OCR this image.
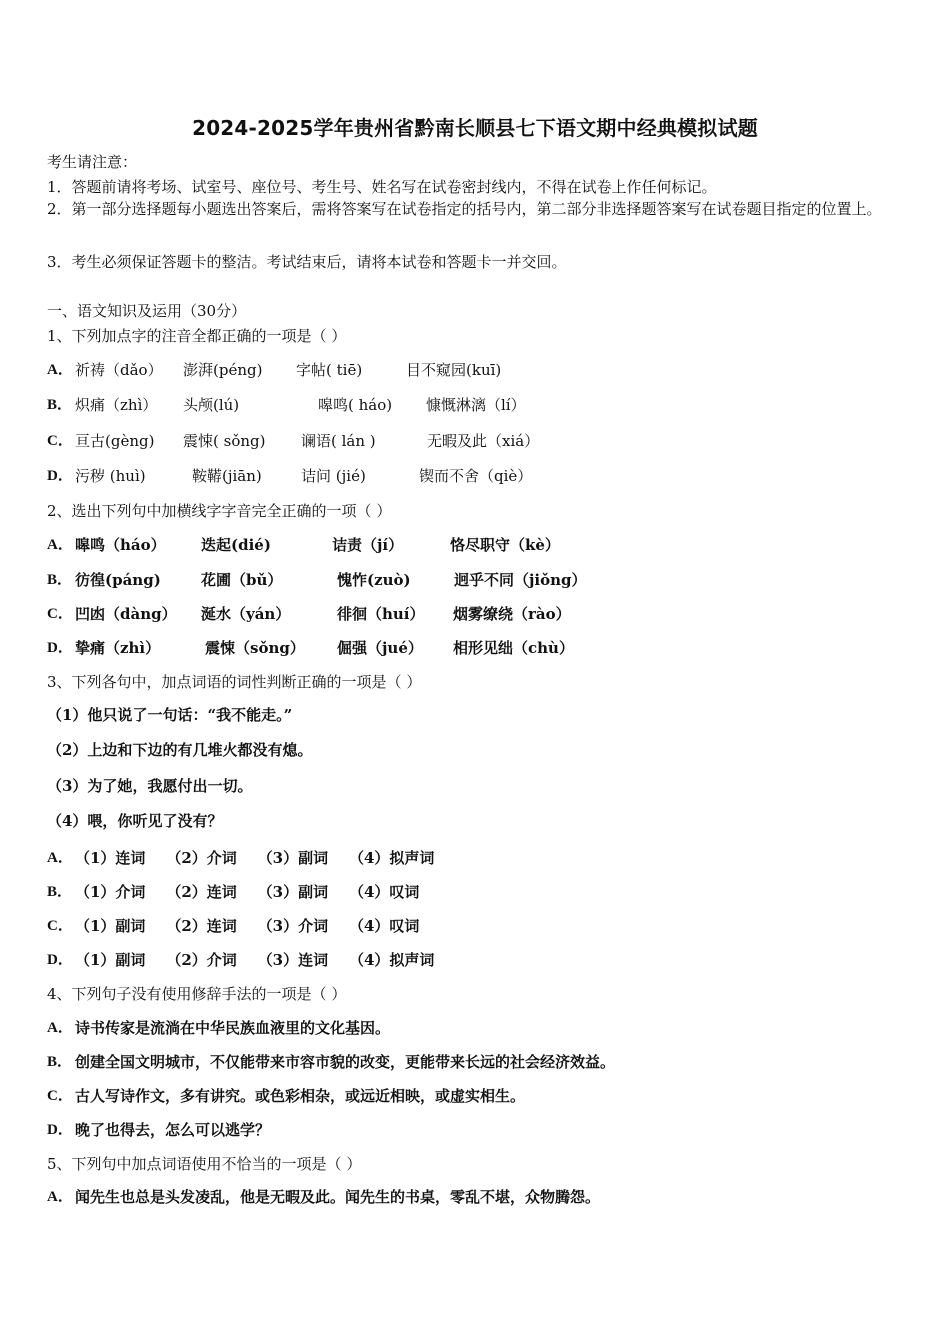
2024-2025学年贵州省黔南长顺县七下语文期中经典模拟试题
考生请注意：
1．答题前请将考场、试室号、座位号、考生号、姓名写在试卷密封线内，不得在试卷上作任何标记。
2．第一部分选择题每小题选出答案后，需将答案写在试卷指定的括号内，第二部分非选择题答案写在试卷题目指定的位置上。
3．考生必须保证答题卡的整洁。考试结束后，请将本试卷和答题卡一并交回。
一、语文知识及运用（30分）
1、下列加点字的注音全都正确的一项是（ ）
A． 祈祷（dǎo） 澎湃(péng) 字帖( tiē)	目不窥园(kuī)
B． 炽痛（zhì） 头颅(lú)	嗥鸣( háo) 慷慨淋漓（lí）
C． 亘古(gèng) 震悚( sǒng) 谰语( lán )	无暇及此（xiá）
D． 污秽 (huì)	鞍鞯(jiān)	诘问 (jié)	锲而不舍（qiè）
2、选出下列句中加横线字字音完全正确的一项（ ）
A． 嗥鸣（háo） 迭起(dié)	诘责（jí）	恪尽职守（kè）
B． 彷徨(páng)	花圃（bǔ）	愧怍(zuò)	迥乎不同（jiǒng）
C． 凹凼（dàng） 涎水（yán）	徘徊（huí） 烟雾缭绕（rào）
D． 挚痛（zhì）	震悚（sǒng） 倔强（jué） 相形见绌（chù）
3、下列各句中，加点词语的词性判断正确的一项是（ ）
（1）他只说了一句话：“我不能走。”
（2）上边和下边的有几堆火都没有熄。
（3）为了她，我愿付出一切。
（4）喂，你听见了没有？
A． （1）连词    （2）介词    （3）副词    （4）拟声词
B． （1）介词    （2）连词    （3）副词    （4）叹词
C． （1）副词    （2）连词    （3）介词    （4）叹词
D． （1）副词    （2）介词    （3）连词    （4）拟声词
4、下列句子没有使用修辞手法的一项是（ ）
A． 诗书传家是流淌在中华民族血液里的文化基因。
B． 创建全国文明城市，不仅能带来市容市貌的改变，更能带来长远的社会经济效益。
C． 古人写诗作文，多有讲究。或色彩相杂，或远近相映，或虚实相生。
D． 晚了也得去，怎么可以逃学？
5、下列句中加点词语使用不恰当的一项是（ ）
A． 闻先生也总是头发凌乱，他是无暇及此。闻先生的书桌，零乱不堪，众物腾怨。
